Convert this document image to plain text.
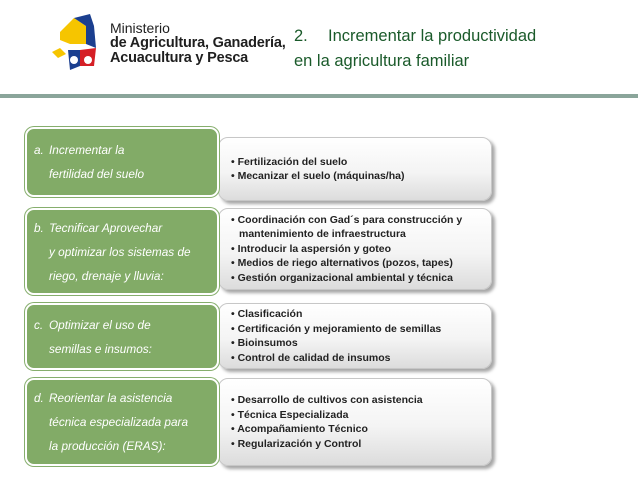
Ministerio
de Agricultura, Ganadería,
Acuacultura y Pesca
2. Incrementar la productividad
en la agricultura familiar
• Fertilización del suelo
• Mecanizar el suelo (máquinas/ha)
a. Incrementar la
fertilidad del suelo
• Coordinación con Gad´s para construcción y mantenimiento de infraestructura
• Introducir la aspersión y goteo
• Medios de riego alternativos (pozos, tapes)
• Gestión organizacional ambiental y técnica
b. Tecnificar Aprovechar
y optimizar los sistemas de
riego, drenaje y lluvia:
• Clasificación
• Certificación y mejoramiento de semillas
• Bioinsumos
• Control de calidad de insumos
c. Optimizar el uso de
semillas e insumos:
• Desarrollo de cultivos con asistencia
• Técnica Especializada
• Acompañamiento Técnico
• Regularización y Control
d. Reorientar la asistencia
técnica especializada para
la producción (ERAS):
